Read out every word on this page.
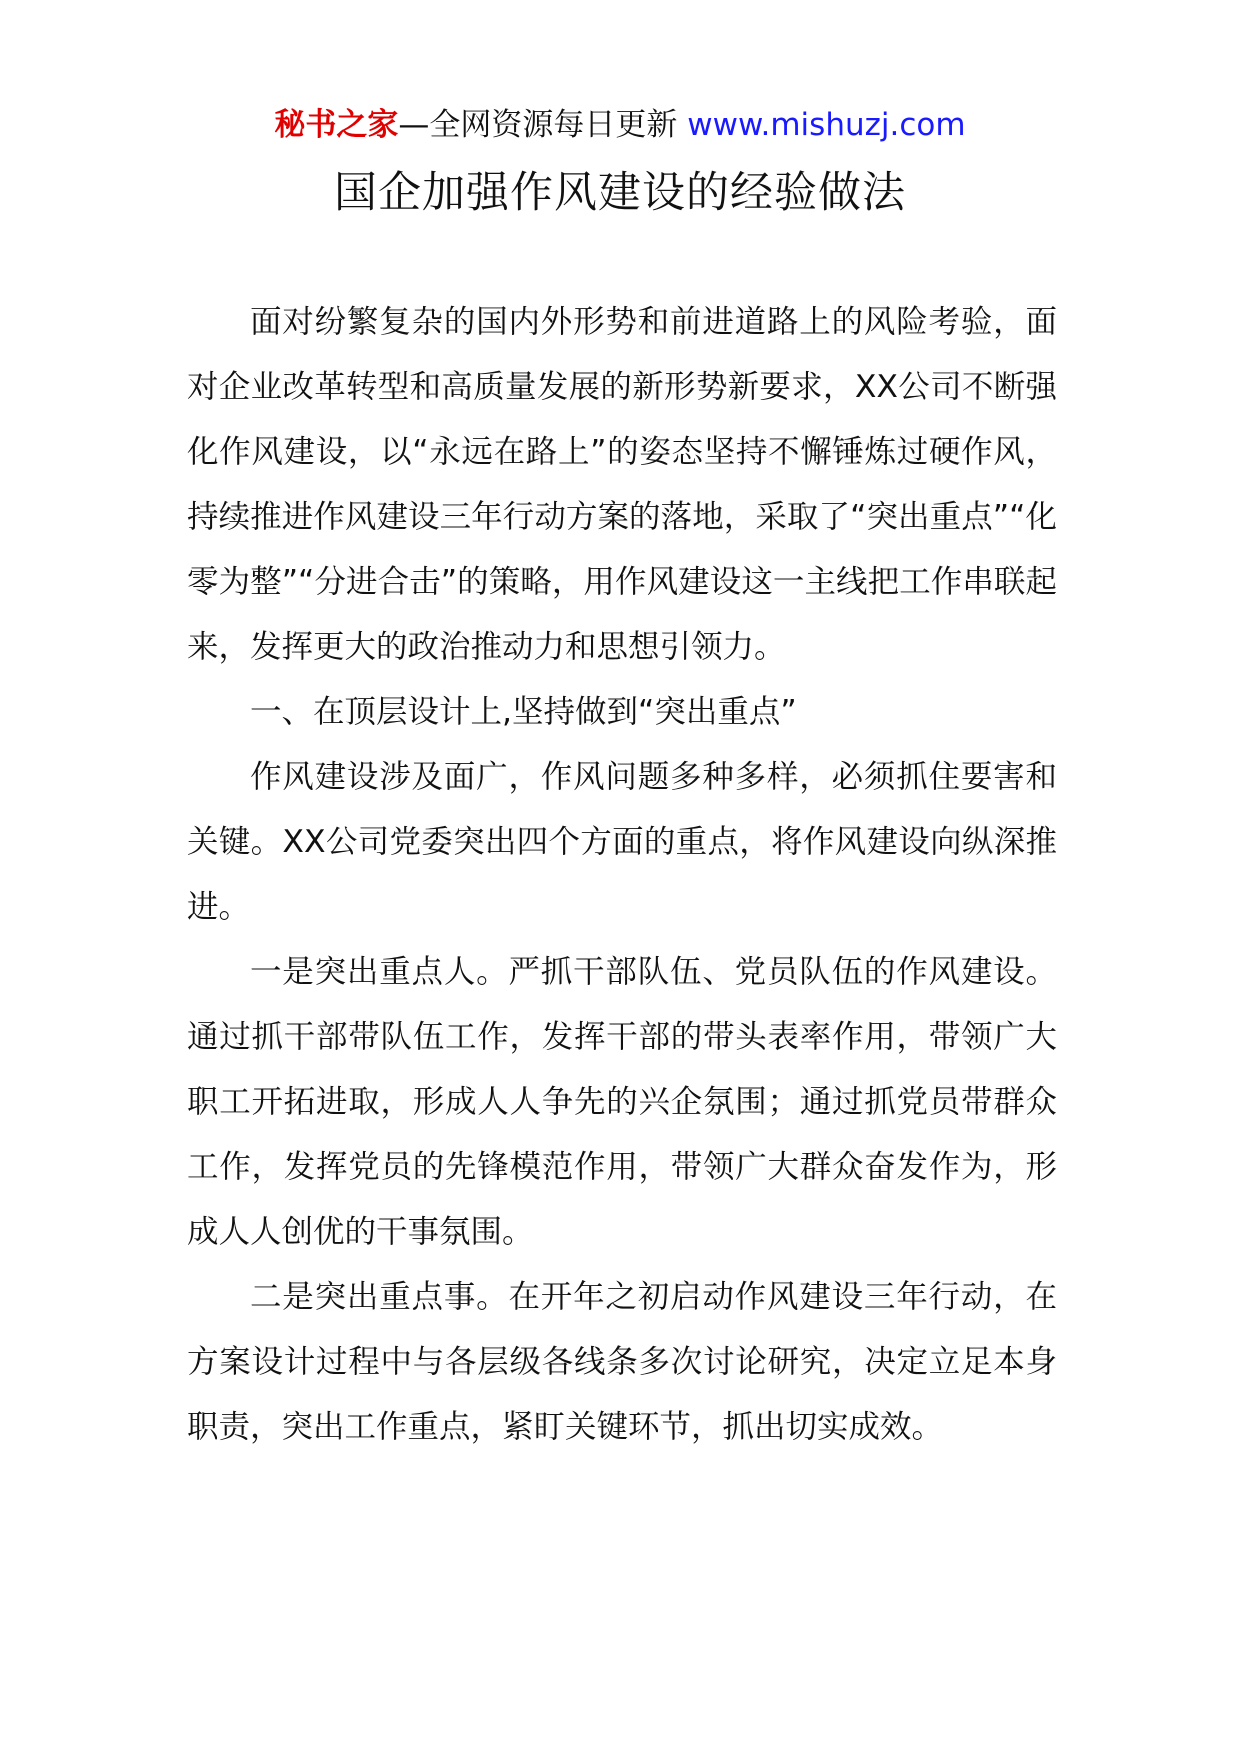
秘书之家—全网资源每日更新 www.mishuzj.com
国企加强作风建设的经验做法

面对纷繁复杂的国内外形势和前进道路上的风险考验，面对企业改革转型和高质量发展的新形势新要求，XX公司不断强化作风建设，以“永远在路上”的姿态坚持不懈锤炼过硬作风，持续推进作风建设三年行动方案的落地，采取了“突出重点”“化零为整”“分进合击”的策略，用作风建设这一主线把工作串联起来，发挥更大的政治推动力和思想引领力。

一、在顶层设计上,坚持做到“突出重点”

作风建设涉及面广，作风问题多种多样，必须抓住要害和关键。XX公司党委突出四个方面的重点，将作风建设向纵深推进。

一是突出重点人。严抓干部队伍、党员队伍的作风建设。通过抓干部带队伍工作，发挥干部的带头表率作用，带领广大职工开拓进取，形成人人争先的兴企氛围；通过抓党员带群众工作，发挥党员的先锋模范作用，带领广大群众奋发作为，形成人人创优的干事氛围。

二是突出重点事。在开年之初启动作风建设三年行动，在方案设计过程中与各层级各线条多次讨论研究，决定立足本身职责，突出工作重点，紧盯关键环节，抓出切实成效。
